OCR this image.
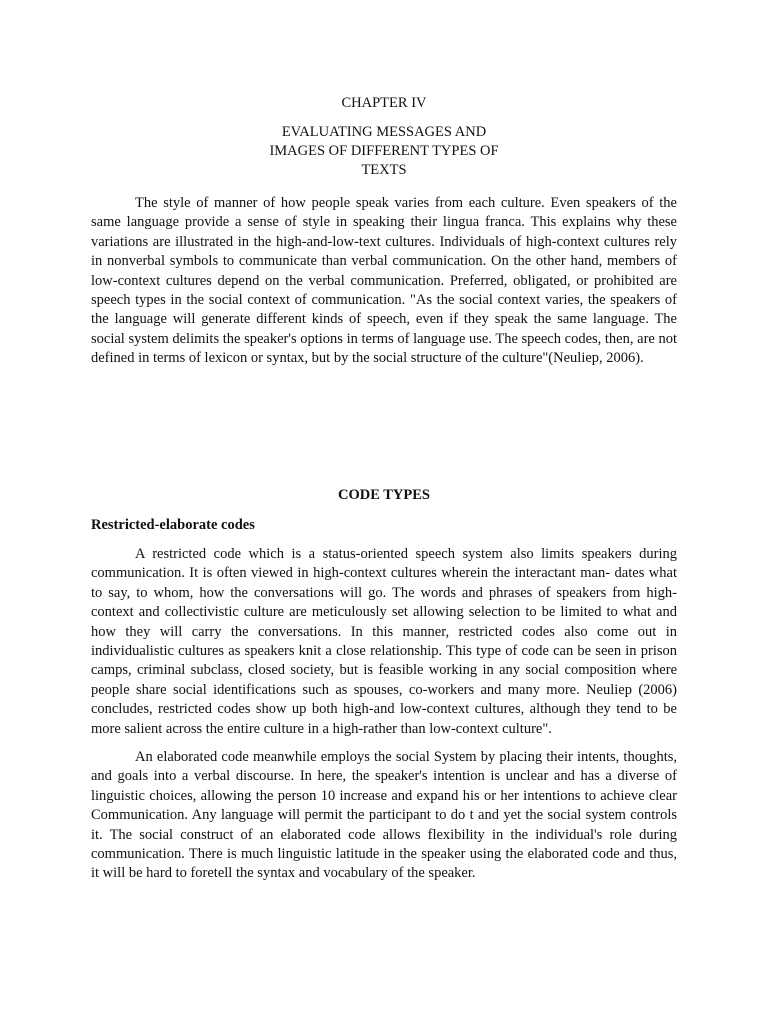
CHAPTER IV

EVALUATING MESSAGES AND IMAGES OF DIFFERENT TYPES OF TEXTS

The style of manner of how people speak varies from each culture. Even speakers of the same language provide a sense of style in speaking their lingua franca. This explains why these variations are illustrated in the high-and-low-text cultures. Individuals of high-context cultures rely in nonverbal symbols to communicate than verbal communication. On the other hand, members of low-context cultures depend on the verbal communication. Preferred, obligated, or prohibited are speech types in the social context of communication. "As the social context varies, the speakers of the language will generate different kinds of speech, even if they speak the same language. The social system delimits the speaker's options in terms of language use. The speech codes, then, are not defined in terms of lexicon or syntax, but by the social structure of the culture"(Neuliep, 2006).

CODE TYPES
Restricted-elaborate codes

A restricted code which is a status-oriented speech system also limits speakers during communication. It is often viewed in high-context cultures wherein the interactant man- dates what to say, to whom, how the conversations will go. The words and phrases of speakers from high-context and collectivistic culture are meticulously set allowing selection to be limited to what and how they will carry the conversations. In this manner, restricted codes also come out in individualistic cultures as speakers knit a close relationship. This type of code can be seen in prison camps, criminal subclass, closed society, but is feasible working in any social composition where people share social identifications such as spouses, co-workers and many more. Neuliep (2006) concludes, restricted codes show up both high-and low-context cultures, although they tend to be more salient across the entire culture in a high-rather than low-context culture".

An elaborated code meanwhile employs the social System by placing their intents, thoughts, and goals into a verbal discourse. In here, the speaker's intention is unclear and has a diverse of linguistic choices, allowing the person 10 increase and expand his or her intentions to achieve clear Communication. Any language will permit the participant to do t and yet the social system controls it. The social construct of an elaborated code allows flexibility in the individual's role during communication. There is much linguistic latitude in the speaker using the elaborated code and thus, it will be hard to foretell the syntax and vocabulary of the speaker.
